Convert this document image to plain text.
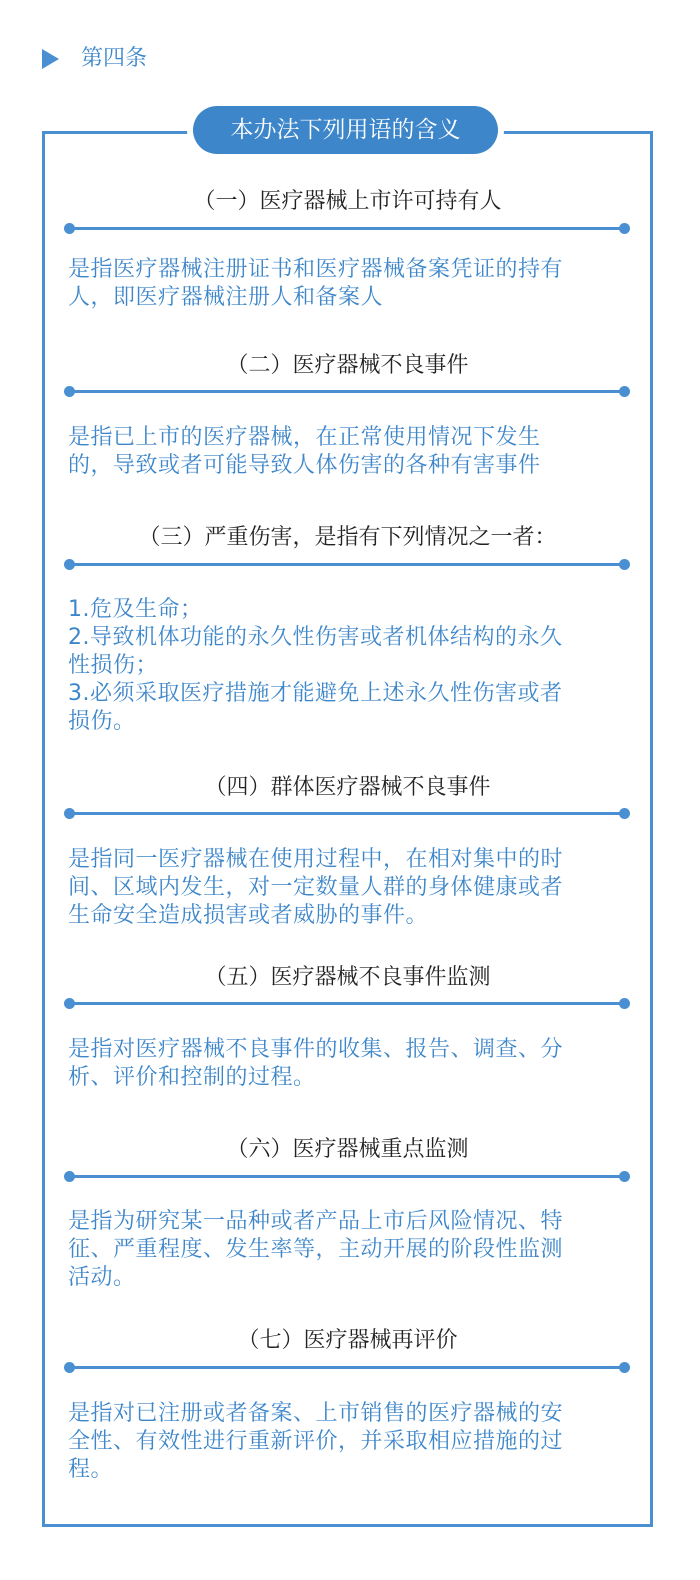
第四条
本办法下列用语的含义
（一）医疗器械上市许可持有人
是指医疗器械注册证书和医疗器械备案凭证的持有
人，即医疗器械注册人和备案人
（二）医疗器械不良事件
是指已上市的医疗器械，在正常使用情况下发生
的，导致或者可能导致人体伤害的各种有害事件
（三）严重伤害，是指有下列情况之一者：
1.危及生命；
2.导致机体功能的永久性伤害或者机体结构的永久
性损伤；
3.必须采取医疗措施才能避免上述永久性伤害或者
损伤。
（四）群体医疗器械不良事件
是指同一医疗器械在使用过程中，在相对集中的时
间、区域内发生，对一定数量人群的身体健康或者
生命安全造成损害或者威胁的事件。
（五）医疗器械不良事件监测
是指对医疗器械不良事件的收集、报告、调查、分
析、评价和控制的过程。
（六）医疗器械重点监测
是指为研究某一品种或者产品上市后风险情况、特
征、严重程度、发生率等，主动开展的阶段性监测
活动。
（七）医疗器械再评价
是指对已注册或者备案、上市销售的医疗器械的安
全性、有效性进行重新评价，并采取相应措施的过
程。
